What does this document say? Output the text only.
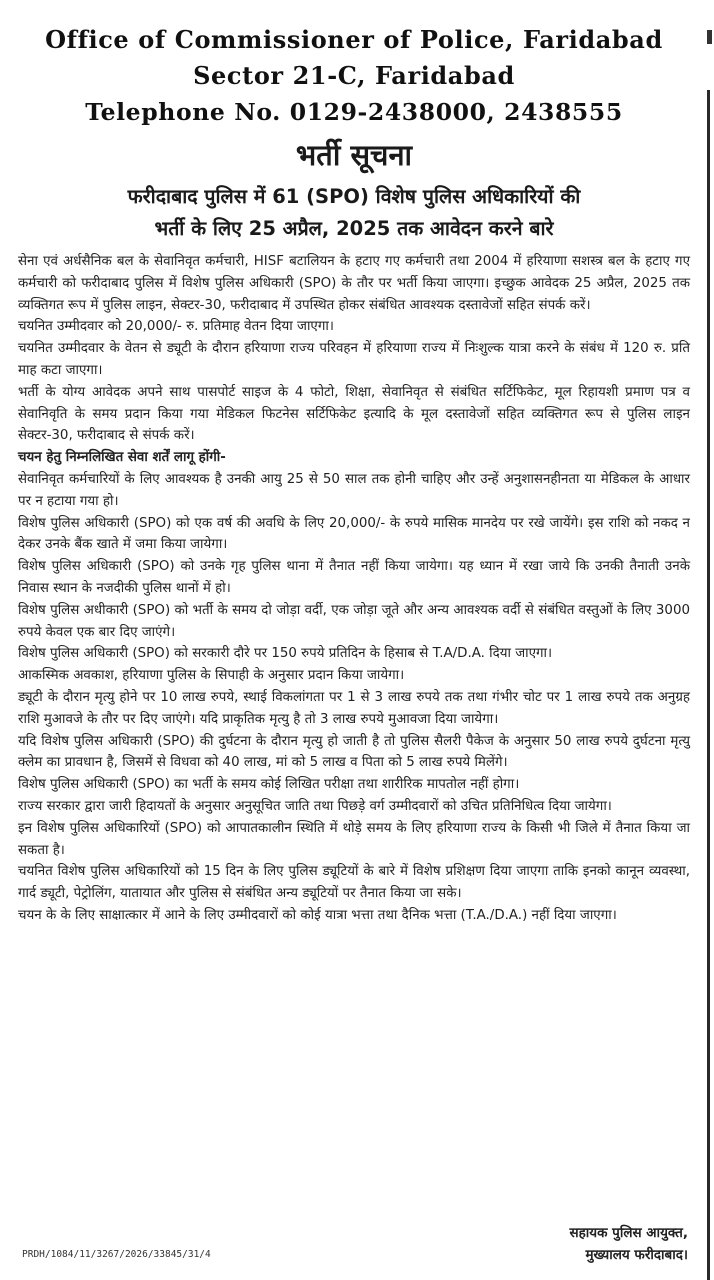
Office of Commissioner of Police, Faridabad
Sector 21-C, Faridabad
Telephone No. 0129-2438000, 2438555
भर्ती सूचना
फरीदाबाद पुलिस में 61 (SPO) विशेष पुलिस अधिकारियों की
भर्ती के लिए 25 अप्रैल, 2025 तक आवेदन करने बारे

सेना एवं अर्धसैनिक बल के सेवानिवृत कर्मचारी, HISF बटालियन के हटाए गए कर्मचारी तथा 2004 में हरियाणा सशस्त्र बल के हटाए गए कर्मचारी को फरीदाबाद पुलिस में विशेष पुलिस अधिकारी (SPO) के तौर पर भर्ती किया जाएगा। इच्छुक आवेदक 25 अप्रैल, 2025 तक व्यक्तिगत रूप में पुलिस लाइन, सेक्टर-30, फरीदाबाद में उपस्थित होकर संबंधित आवश्यक दस्तावेजों सहित संपर्क करें।

चयनित उम्मीदवार को 20,000/- रु. प्रतिमाह वेतन दिया जाएगा।

चयनित उम्मीदवार के वेतन से ड्यूटी के दौरान हरियाणा राज्य परिवहन में हरियाणा राज्य में निःशुल्क यात्रा करने के संबंध में 120 रु. प्रति माह कटा जाएगा।

भर्ती के योग्य आवेदक अपने साथ पासपोर्ट साइज के 4 फोटो, शिक्षा, सेवानिवृत से संबंधित सर्टिफिकेट, मूल रिहायशी प्रमाण पत्र व सेवानिवृति के समय प्रदान किया गया मेडिकल फिटनेस सर्टिफिकेट इत्यादि के मूल दस्तावेजों सहित व्यक्तिगत रूप से पुलिस लाइन सेक्टर-30, फरीदाबाद से संपर्क करें।

चयन हेतु निम्नलिखित सेवा शर्तें लागू होंगी-

सेवानिवृत कर्मचारियों के लिए आवश्यक है उनकी आयु 25 से 50 साल तक होनी चाहिए और उन्हें अनुशासनहीनता या मेडिकल के आधार पर न हटाया गया हो।

विशेष पुलिस अधिकारी (SPO) को एक वर्ष की अवधि के लिए 20,000/- के रुपये मासिक मानदेय पर रखे जायेंगे। इस राशि को नकद न देकर उनके बैंक खाते में जमा किया जायेगा।

विशेष पुलिस अधिकारी (SPO) को उनके गृह पुलिस थाना में तैनात नहीं किया जायेगा। यह ध्यान में रखा जाये कि उनकी तैनाती उनके निवास स्थान के नजदीकी पुलिस थानों में हो।

विशेष पुलिस अधीकारी (SPO) को भर्ती के समय दो जोड़ा वर्दी, एक जोड़ा जूते और अन्य आवश्यक वर्दी से संबंधित वस्तुओं के लिए 3000 रुपये केवल एक बार दिए जाएंगे।

विशेष पुलिस अधिकारी (SPO) को सरकारी दौरे पर 150 रुपये प्रतिदिन के हिसाब से T.A/D.A. दिया जाएगा।

आकस्मिक अवकाश, हरियाणा पुलिस के सिपाही के अनुसार प्रदान किया जायेगा।

ड्यूटी के दौरान मृत्यु होने पर 10 लाख रुपये, स्थाई विकलांगता पर 1 से 3 लाख रुपये तक तथा गंभीर चोट पर 1 लाख रुपये तक अनुग्रह राशि मुआवजे के तौर पर दिए जाएंगे। यदि प्राकृतिक मृत्यु है तो 3 लाख रुपये मुआवजा दिया जायेगा।

यदि विशेष पुलिस अधिकारी (SPO) की दुर्घटना के दौरान मृत्यु हो जाती है तो पुलिस सैलरी पैकेज के अनुसार 50 लाख रुपये दुर्घटना मृत्यु क्लेम का प्रावधान है, जिसमें से विधवा को 40 लाख, मां को 5 लाख व पिता को 5 लाख रुपये मिलेंगे।

विशेष पुलिस अधिकारी (SPO) का भर्ती के समय कोई लिखित परीक्षा तथा शारीरिक मापतोल नहीं होगा।

राज्य सरकार द्वारा जारी हिदायतों के अनुसार अनुसूचित जाति तथा पिछड़े वर्ग उम्मीदवारों को उचित प्रतिनिधित्व दिया जायेगा।

इन विशेष पुलिस अधिकारियों (SPO) को आपातकालीन स्थिति में थोड़े समय के लिए हरियाणा राज्य के किसी भी जिले में तैनात किया जा सकता है।

चयनित विशेष पुलिस अधिकारियों को 15 दिन के लिए पुलिस ड्यूटियों के बारे में विशेष प्रशिक्षण दिया जाएगा ताकि इनको कानून व्यवस्था, गार्द ड्यूटी, पेट्रोलिंग, यातायात और पुलिस से संबंधित अन्य ड्यूटियों पर तैनात किया जा सके।

चयन के के लिए साक्षात्कार में आने के लिए उम्मीदवारों को कोई यात्रा भत्ता तथा दैनिक भत्ता (T.A./D.A.) नहीं दिया जाएगा।

PRDH/1084/11/3267/2026/33845/31/4
सहायक पुलिस आयुक्त,
मुख्यालय फरीदाबाद।
